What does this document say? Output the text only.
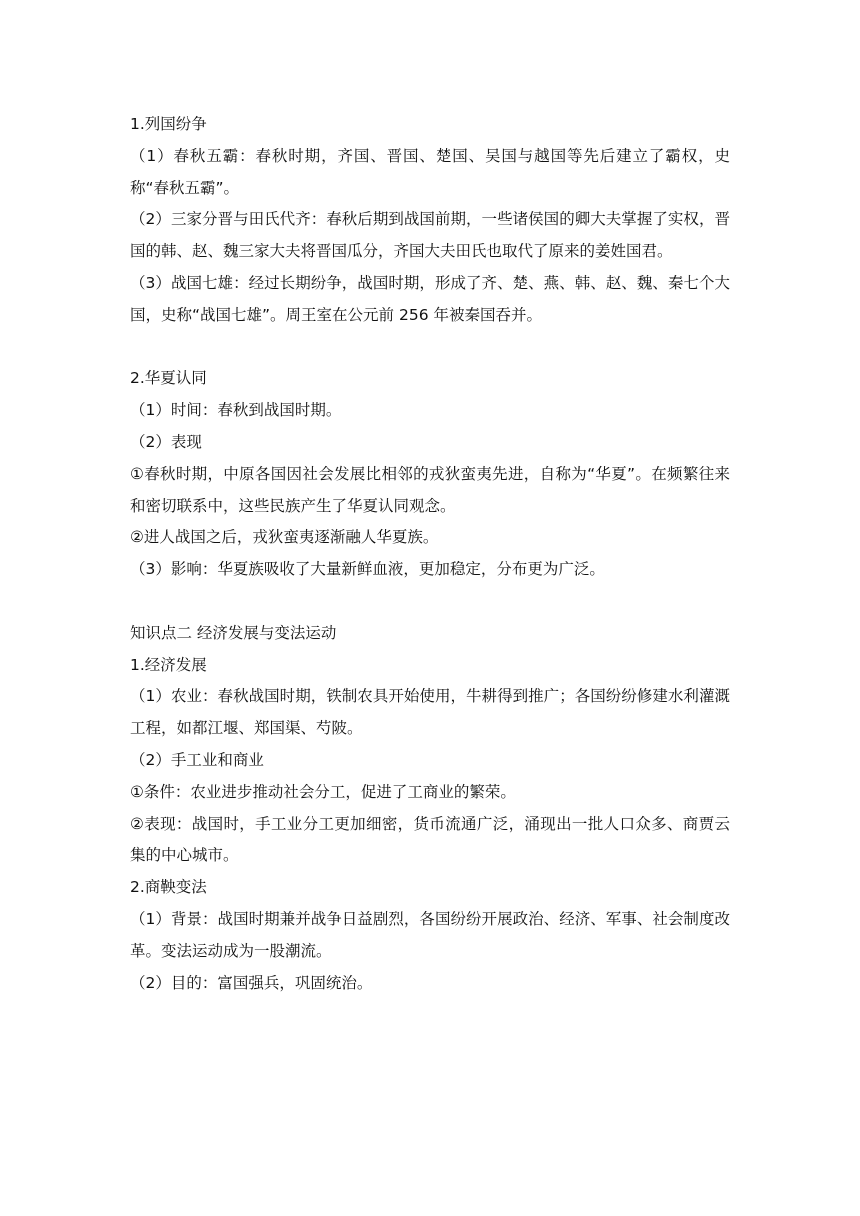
1.列国纷争
（1）春秋五霸：春秋时期，齐国、晋国、楚国、吴国与越国等先后建立了霸权，史称“春秋五霸”。
（2）三家分晋与田氏代齐：春秋后期到战国前期，一些诸侯国的卿大夫掌握了实权，晋国的韩、赵、魏三家大夫将晋国瓜分，齐国大夫田氏也取代了原来的姜姓国君。
（3）战国七雄：经过长期纷争，战国时期，形成了齐、楚、燕、韩、赵、魏、秦七个大国，史称“战国七雄”。周王室在公元前 256 年被秦国吞并。
2.华夏认同
（1）时间：春秋到战国时期。
（2）表现
①春秋时期，中原各国因社会发展比相邻的戎狄蛮夷先进，自称为“华夏”。在频繁往来和密切联系中，这些民族产生了华夏认同观念。
②进人战国之后，戎狄蛮夷逐渐融人华夏族。
（3）影响：华夏族吸收了大量新鲜血液，更加稳定，分布更为广泛。
知识点二 经济发展与变法运动
1.经济发展
（1）农业：春秋战国时期，铁制农具开始使用，牛耕得到推广；各国纷纷修建水利灌溉工程，如都江堰、郑国渠、芍陂。
（2）手工业和商业
①条件：农业进步推动社会分工，促进了工商业的繁荣。
②表现：战国时，手工业分工更加细密，货币流通广泛，涌现出一批人口众多、商贾云集的中心城市。
2.商鞅变法
（1）背景：战国时期兼并战争日益剧烈，各国纷纷开展政治、经济、军事、社会制度改革。变法运动成为一股潮流。
（2）目的：富国强兵，巩固统治。
